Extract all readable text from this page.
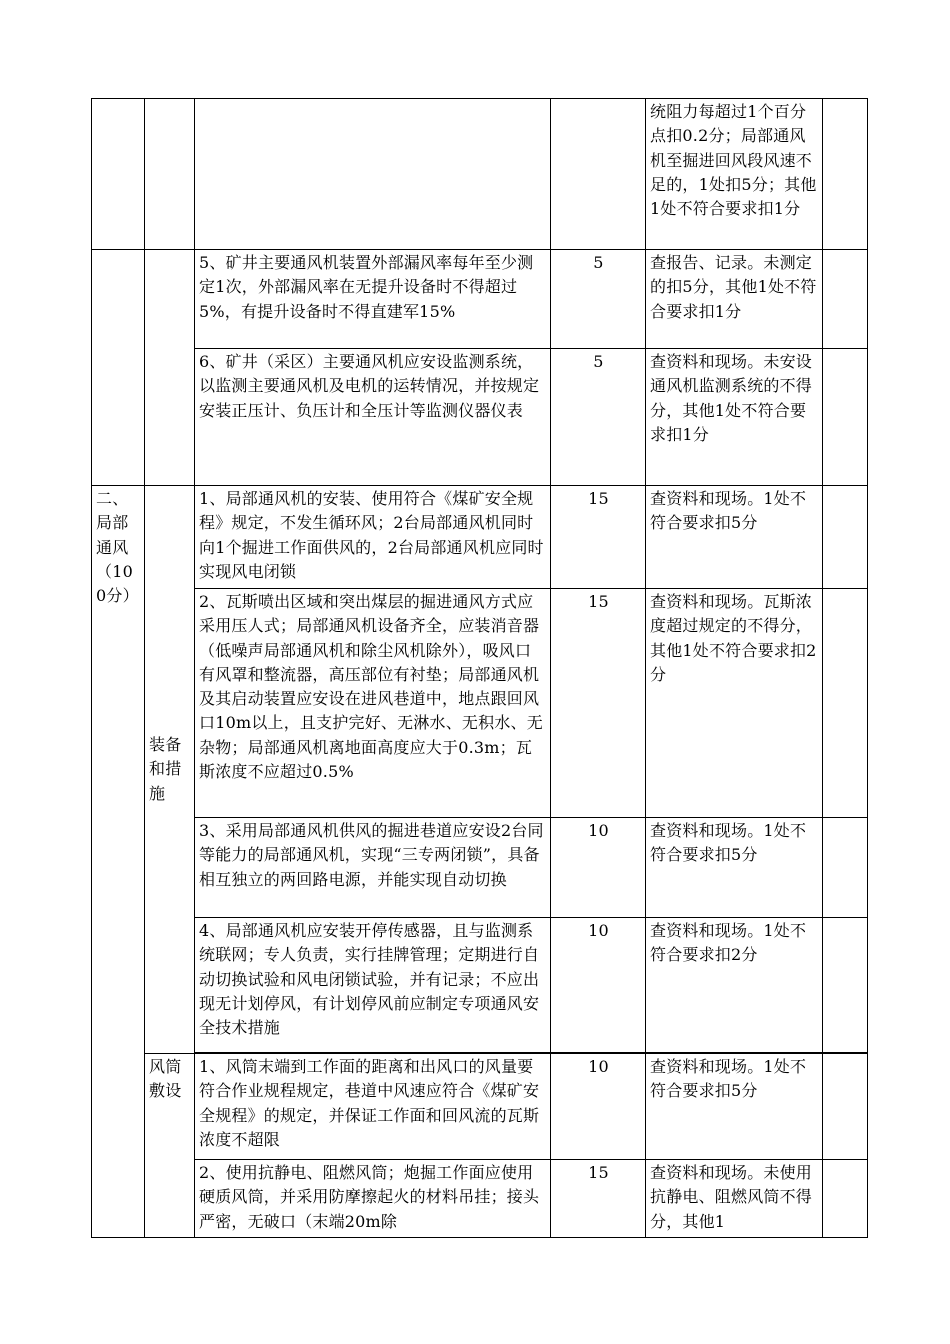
				统阻力每超过1个百分点扣0.2分；局部通风机至掘进回风段风速不足的，1处扣5分；其他1处不符合要求扣1分	
		5、矿井主要通风机装置外部漏风率每年至少测定1次，外部漏风率在无提升设备时不得超过5%，有提升设备时不得直建军15%	5	查报告、记录。未测定的扣5分，其他1处不符合要求扣1分	
		6、矿井（采区）主要通风机应安设监测系统，以监测主要通风机及电机的运转情况，并按规定安装正压计、负压计和全压计等监测仪器仪表	5	查资料和现场。未安设通风机监测系统的不得分，其他1处不符合要求扣1分	
二、局部通风（100分）	装备和措施	1、局部通风机的安装、使用符合《煤矿安全规程》规定，不发生循环风；2台局部通风机同时向1个掘进工作面供风的，2台局部通风机应同时实现风电闭锁	15	查资料和现场。1处不符合要求扣5分	
		2、瓦斯喷出区域和突出煤层的掘进通风方式应采用压人式；局部通风机设备齐全，应装消音器（低噪声局部通风机和除尘风机除外），吸风口有风罩和整流器，高压部位有衬垫；局部通风机及其启动装置应安设在进风巷道中，地点跟回风口10m以上，且支护完好、无淋水、无积水、无杂物；局部通风机离地面高度应大于0.3m；瓦斯浓度不应超过0.5%	15	查资料和现场。瓦斯浓度超过规定的不得分，其他1处不符合要求扣2分	
		3、采用局部通风机供风的掘进巷道应安设2台同等能力的局部通风机，实现“三专两闭锁”，具备相互独立的两回路电源，并能实现自动切换	10	查资料和现场。1处不符合要求扣5分	
		4、局部通风机应安装开停传感器，且与监测系统联网；专人负责，实行挂牌管理；定期进行自动切换试验和风电闭锁试验，并有记录；不应出现无计划停风，有计划停风前应制定专项通风安全技术措施	10	查资料和现场。1处不符合要求扣2分	

	风筒敷设	1、风筒末端到工作面的距离和出风口的风量要符合作业规程规定，巷道中风速应符合《煤矿安全规程》的规定，并保证工作面和回风流的瓦斯浓度不超限	10	查资料和现场。1处不符合要求扣5分	
		2、使用抗静电、阻燃风筒；炮掘工作面应使用硬质风筒，并采用防摩擦起火的材料吊挂；接头严密，无破口（末端20m除	15	查资料和现场。未使用抗静电、阻燃风筒不得分，其他1	
